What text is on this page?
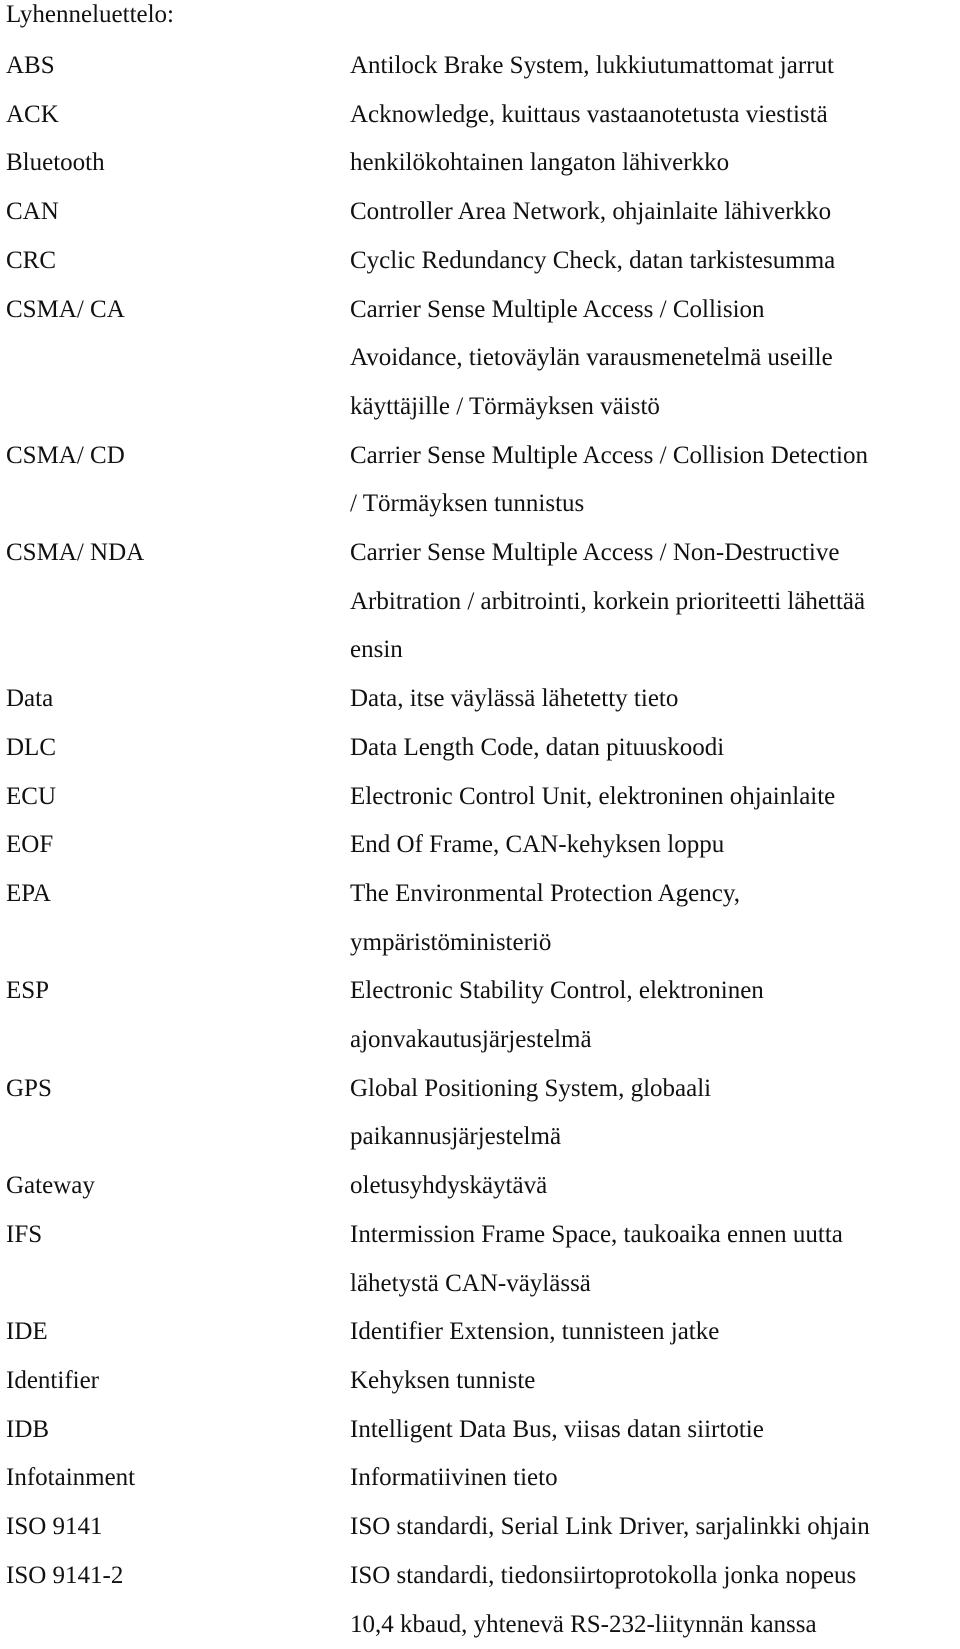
Lyhenneluettelo:
ABS	Antilock Brake System, lukkiutumattomat jarrut
ACK	Acknowledge, kuittaus vastaanotetusta viestistä
Bluetooth	henkilökohtainen langaton lähiverkko
CAN	Controller Area Network, ohjainlaite lähiverkko
CRC	Cyclic Redundancy Check, datan tarkistesumma
CSMA/ CA	Carrier Sense Multiple Access / Collision
Avoidance, tietoväylän varausmenetelmä useille
käyttäjille / Törmäyksen väistö
CSMA/ CD	Carrier Sense Multiple Access / Collision Detection
/ Törmäyksen tunnistus
CSMA/ NDA	Carrier Sense Multiple Access / Non-Destructive
Arbitration / arbitrointi, korkein prioriteetti lähettää
ensin
Data	Data, itse väylässä lähetetty tieto
DLC	Data Length Code, datan pituuskoodi
ECU	Electronic Control Unit, elektroninen ohjainlaite
EOF	End Of Frame, CAN-kehyksen loppu
EPA	The Environmental Protection Agency,
ympäristöministeriö
ESP	Electronic Stability Control, elektroninen
ajonvakautusjärjestelmä
GPS	Global Positioning System, globaali
paikannusjärjestelmä
Gateway	oletusyhdyskäytävä
IFS	Intermission Frame Space, taukoaika ennen uutta
lähetystä CAN-väylässä
IDE	Identifier Extension, tunnisteen jatke
Identifier	Kehyksen tunniste
IDB	Intelligent Data Bus, viisas datan siirtotie
Infotainment	Informatiivinen tieto
ISO 9141	ISO standardi, Serial Link Driver, sarjalinkki ohjain
ISO 9141-2	ISO standardi, tiedonsiirtoprotokolla jonka nopeus
10,4 kbaud, yhtenevä RS-232-liitynnän kanssa
